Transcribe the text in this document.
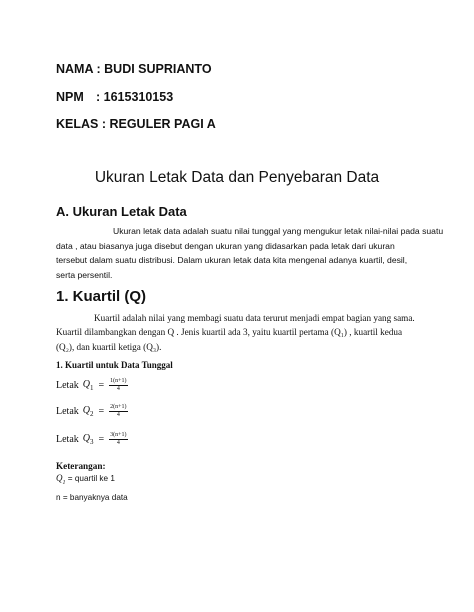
NAMA : BUDI SUPRIANTO
NPM : 1615310153
KELAS : REGULER PAGI A
Ukuran Letak Data dan Penyebaran Data
A. Ukuran Letak Data
Ukuran letak data adalah suatu nilai tunggal yang mengukur letak nilai-nilai pada suatu
data , atau biasanya juga disebut dengan ukuran yang didasarkan pada letak dari ukuran
tersebut dalam suatu distribusi. Dalam ukuran letak data kita mengenal adanya kuartil, desil,
serta persentil.
1. Kuartil (Q)
Kuartil adalah nilai yang membagi suatu data terurut menjadi empat bagian yang sama.
Kuartil dilambangkan dengan Q . Jenis kuartil ada 3, yaitu kuartil pertama (Q₁) , kuartil kedua
(Q₂), dan kuartil ketiga (Q₃).
1. Kuartil untuk Data Tunggal
Letak $Q_1 = \frac{1(n+1)}{4}$
Letak $Q_2 = \frac{2(n+1)}{4}$
Letak $Q_3 = \frac{3(n+1)}{4}$
Keterangan:
$Q_1$ = quartil ke 1
n = banyaknya data
